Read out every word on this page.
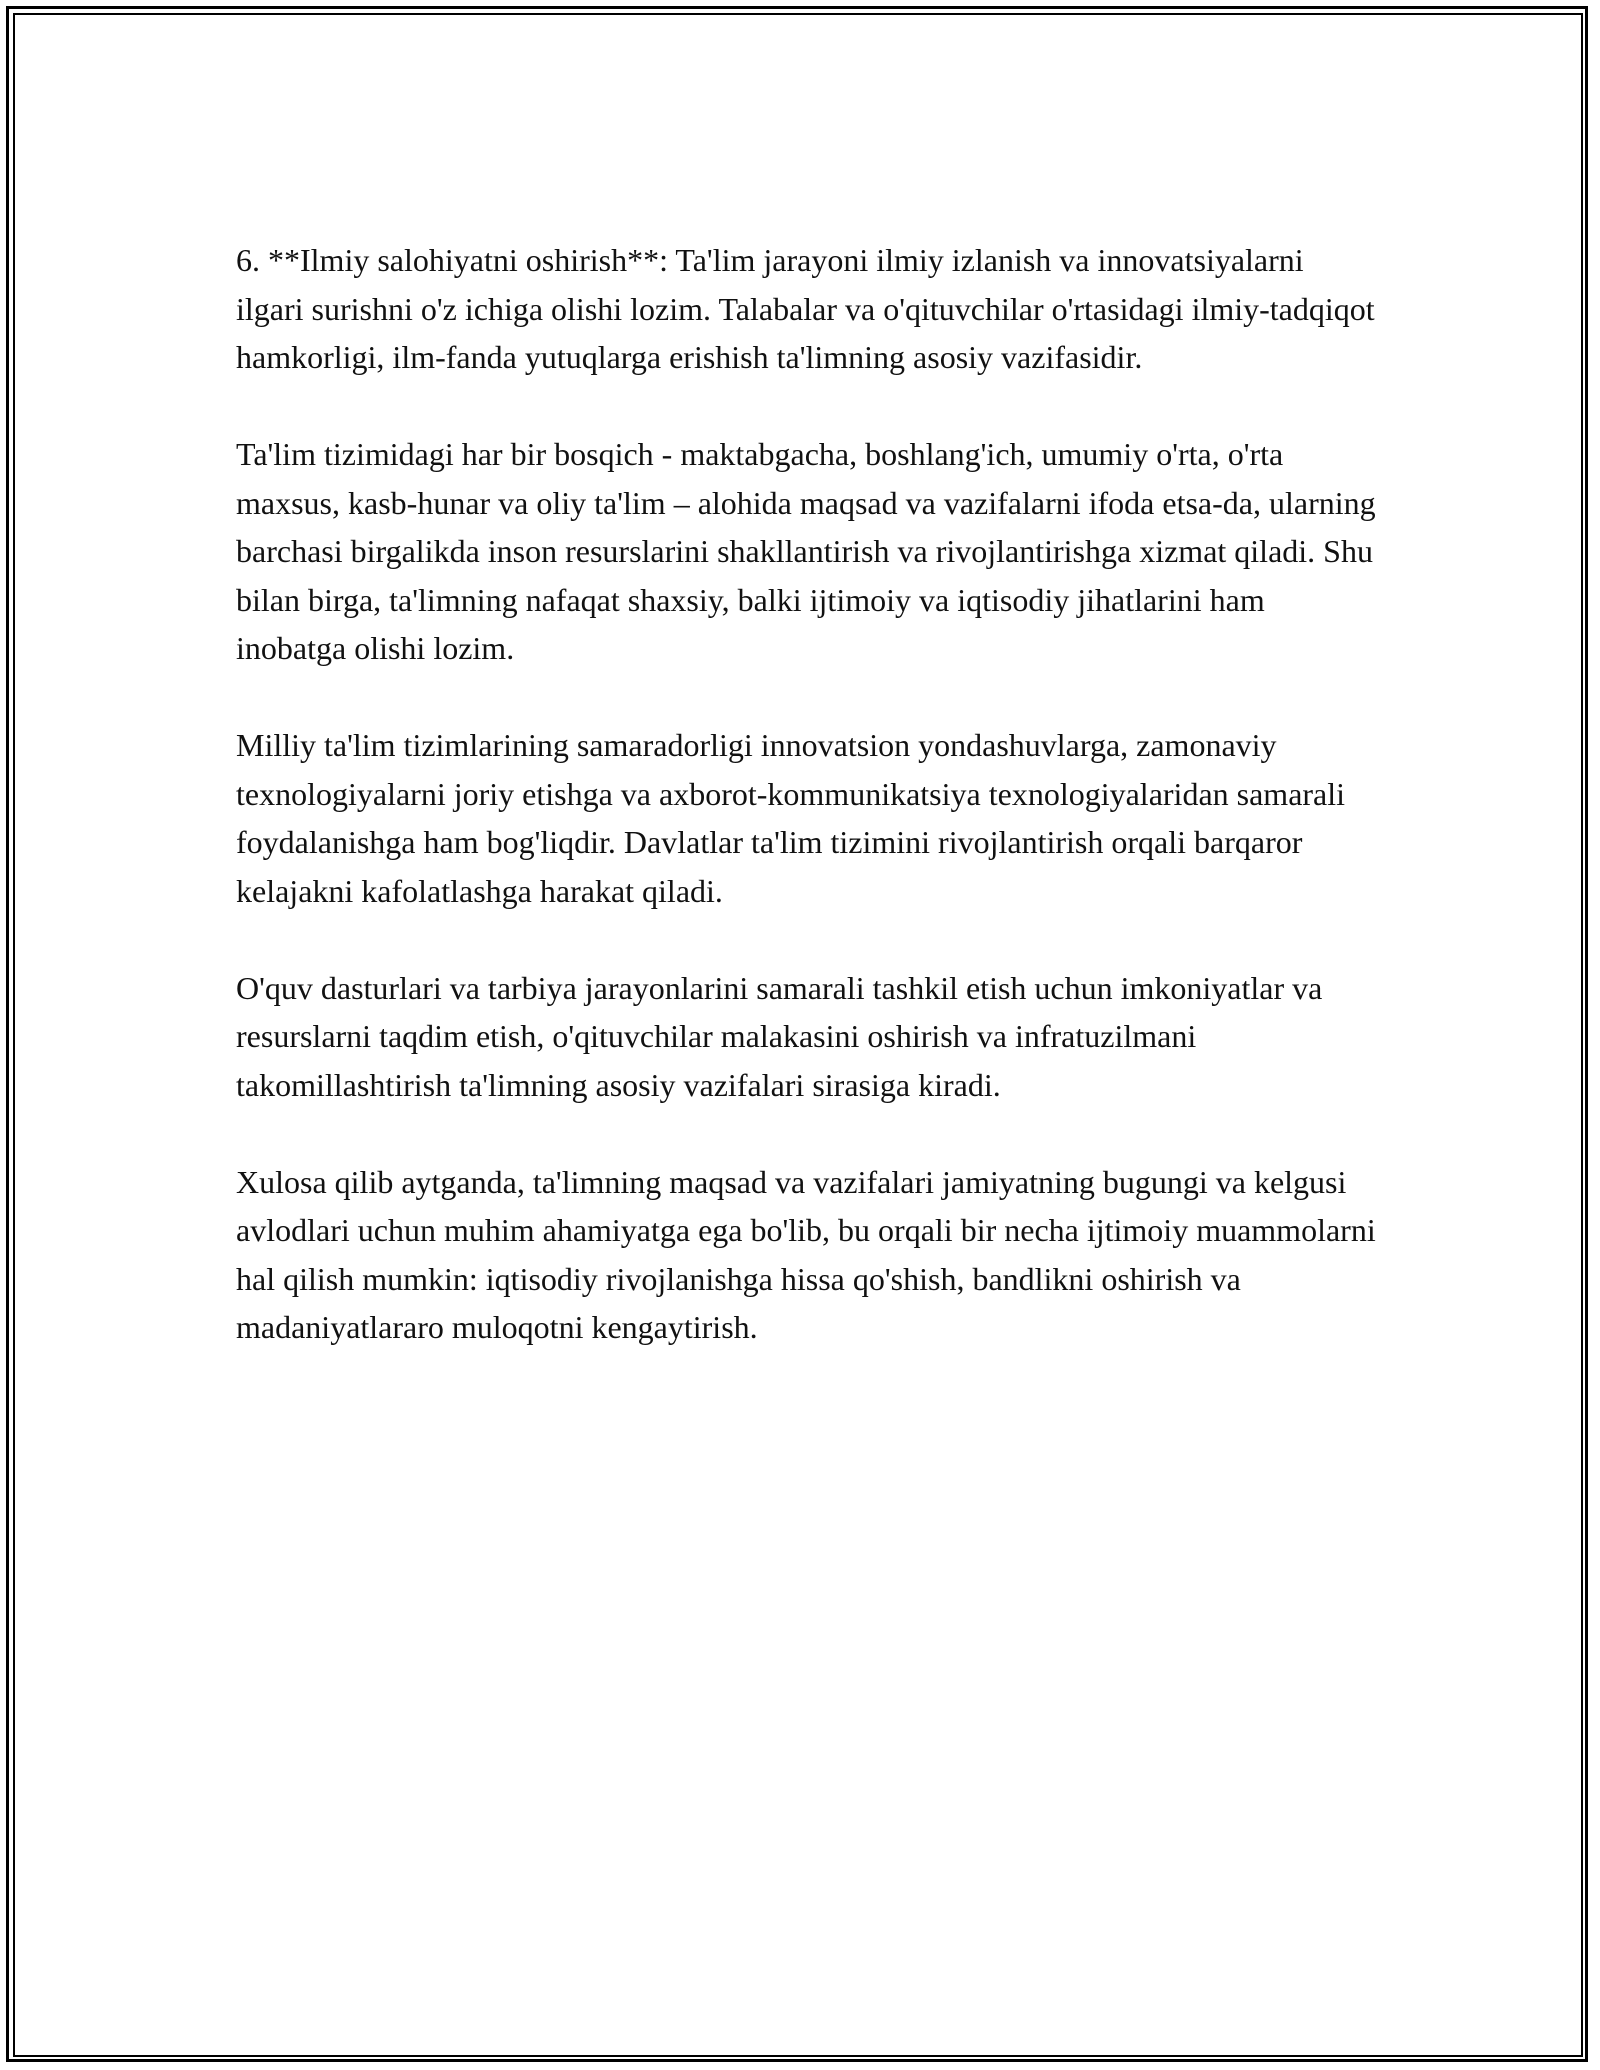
6. **Ilmiy salohiyatni oshirish**: Ta'lim jarayoni ilmiy izlanish va innovatsiyalarni ilgari surishni o'z ichiga olishi lozim. Talabalar va o'qituvchilar o'rtasidagi ilmiy-tadqiqot hamkorligi, ilm-fanda yutuqlarga erishish ta'limning asosiy vazifasidir.

Ta'lim tizimidagi har bir bosqich - maktabgacha, boshlang'ich, umumiy o'rta, o'rta maxsus, kasb-hunar va oliy ta'lim – alohida maqsad va vazifalarni ifoda etsa-da, ularning barchasi birgalikda inson resurslarini shakllantirish va rivojlantirishga xizmat qiladi. Shu bilan birga, ta'limning nafaqat shaxsiy, balki ijtimoiy va iqtisodiy jihatlarini ham inobatga olishi lozim.

Milliy ta'lim tizimlarining samaradorligi innovatsion yondashuvlarga, zamonaviy texnologiyalarni joriy etishga va axborot-kommunikatsiya texnologiyalaridan samarali foydalanishga ham bog'liqdir. Davlatlar ta'lim tizimini rivojlantirish orqali barqaror kelajakni kafolatlashga harakat qiladi.

O'quv dasturlari va tarbiya jarayonlarini samarali tashkil etish uchun imkoniyatlar va resurslarni taqdim etish, o'qituvchilar malakasini oshirish va infratuzilmani takomillashtirish ta'limning asosiy vazifalari sirasiga kiradi.

Xulosa qilib aytganda, ta'limning maqsad va vazifalari jamiyatning bugungi va kelgusi avlodlari uchun muhim ahamiyatga ega bo'lib, bu orqali bir necha ijtimoiy muammolarni hal qilish mumkin: iqtisodiy rivojlanishga hissa qo'shish, bandlikni oshirish va madaniyatlararo muloqotni kengaytirish.
